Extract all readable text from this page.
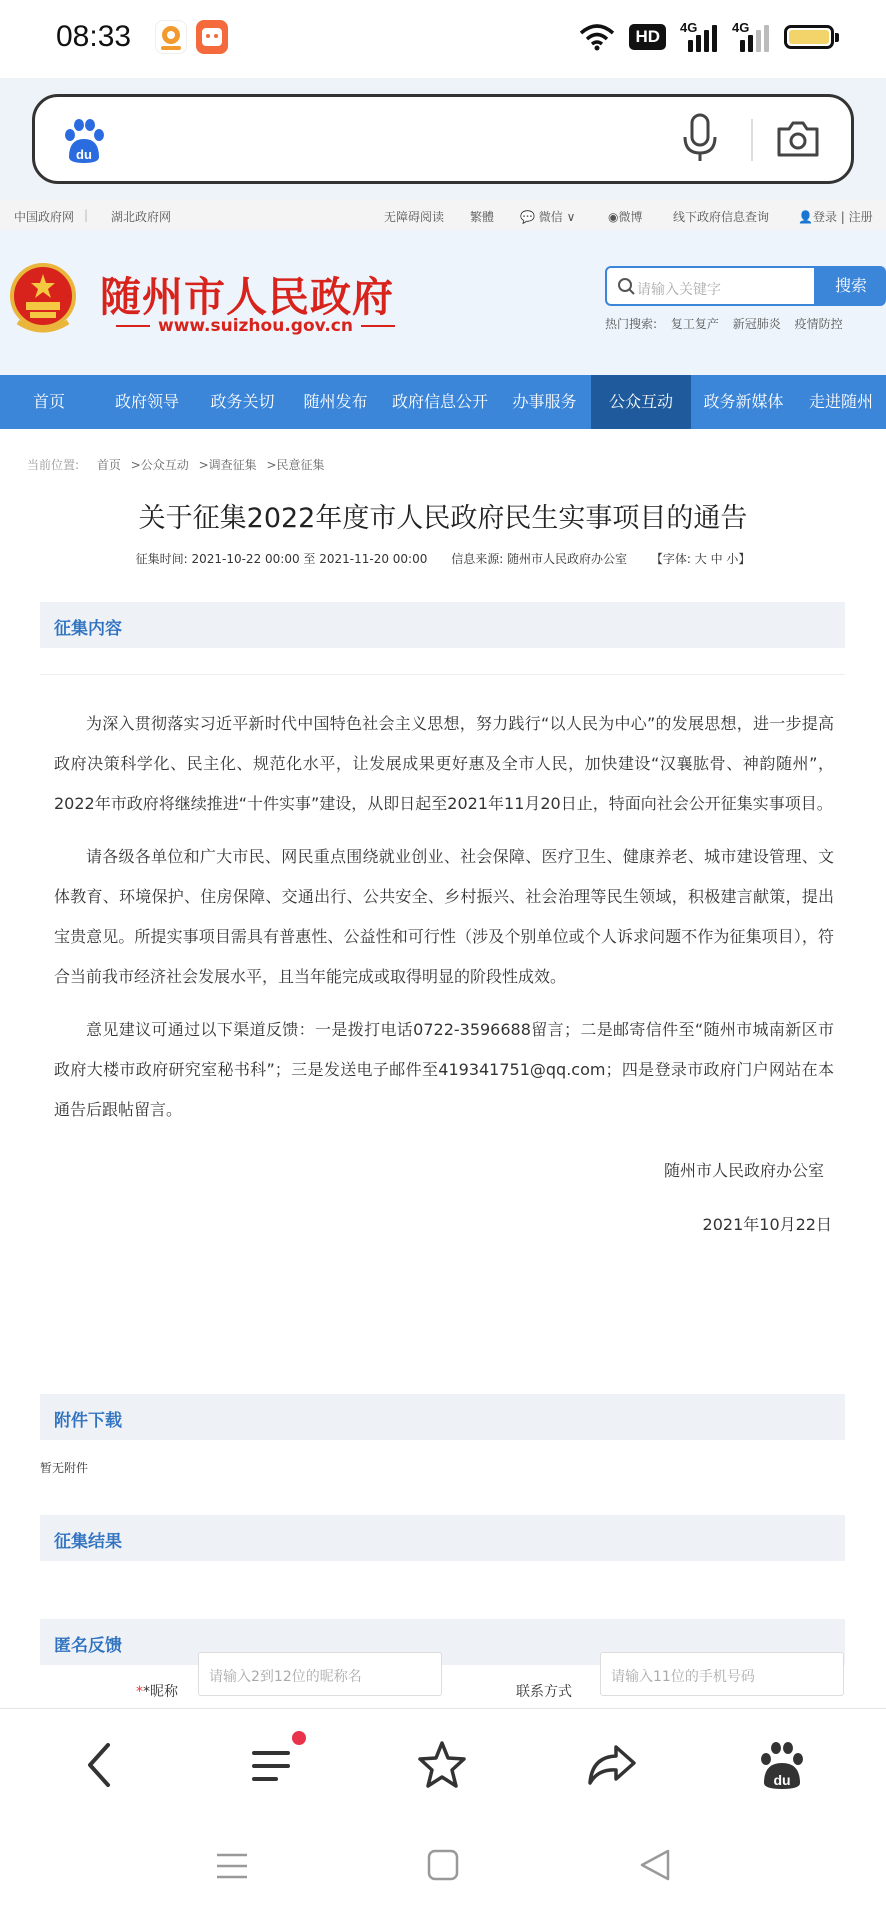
08:33	HD	4G	4G
du
中国政府网 | 湖北政府网	无障碍阅读 繁體 💬 微信 ∨	◉微博	线下政府信息查询 👤登录 | 注册
随州市人民政府
www.suizhou.gov.cn
请输入关键字	搜索
热门搜索: 复工复产 新冠肺炎 疫情防控
首页	政府领导	政务关切	随州发布	政府信息公开	办事服务	公众互动	政务新媒体	走进随州
当前位置: 首页 >公众互动 >调查征集 >民意征集
关于征集2022年度市人民政府民生实事项目的通告
征集时间: 2021-10-22 00:00 至 2021-11-20 00:00 信息来源: 随州市人民政府办公室 【字体: 大 中 小】
征集内容

为深入贯彻落实习近平新时代中国特色社会主义思想，努力践行“以人民为中心”的发展思想，进一步提高政府决策科学化、民主化、规范化水平，让发展成果更好惠及全市人民，加快建设“汉襄肱骨、神韵随州”，2022年市政府将继续推进“十件实事”建设，从即日起至2021年11月20日止，特面向社会公开征集实事项目。

请各级各单位和广大市民、网民重点围绕就业创业、社会保障、医疗卫生、健康养老、城市建设管理、文体教育、环境保护、住房保障、交通出行、公共安全、乡村振兴、社会治理等民生领域，积极建言献策，提出宝贵意见。所提实事项目需具有普惠性、公益性和可行性（涉及个别单位或个人诉求问题不作为征集项目），符合当前我市经济社会发展水平，且当年能完成或取得明显的阶段性成效。

意见建议可通过以下渠道反馈：一是拨打电话0722-3596688留言；二是邮寄信件至“随州市城南新区市政府大楼市政府研究室秘书科”；三是发送电子邮件至419341751@qq.com；四是登录市政府门户网站在本通告后跟帖留言。

随州市人民政府办公室
2021年10月22日
附件下载
暂无附件
征集结果
匿名反馈
**昵称
请输入2到12位的昵称名
联系方式
请输入11位的手机号码
du
